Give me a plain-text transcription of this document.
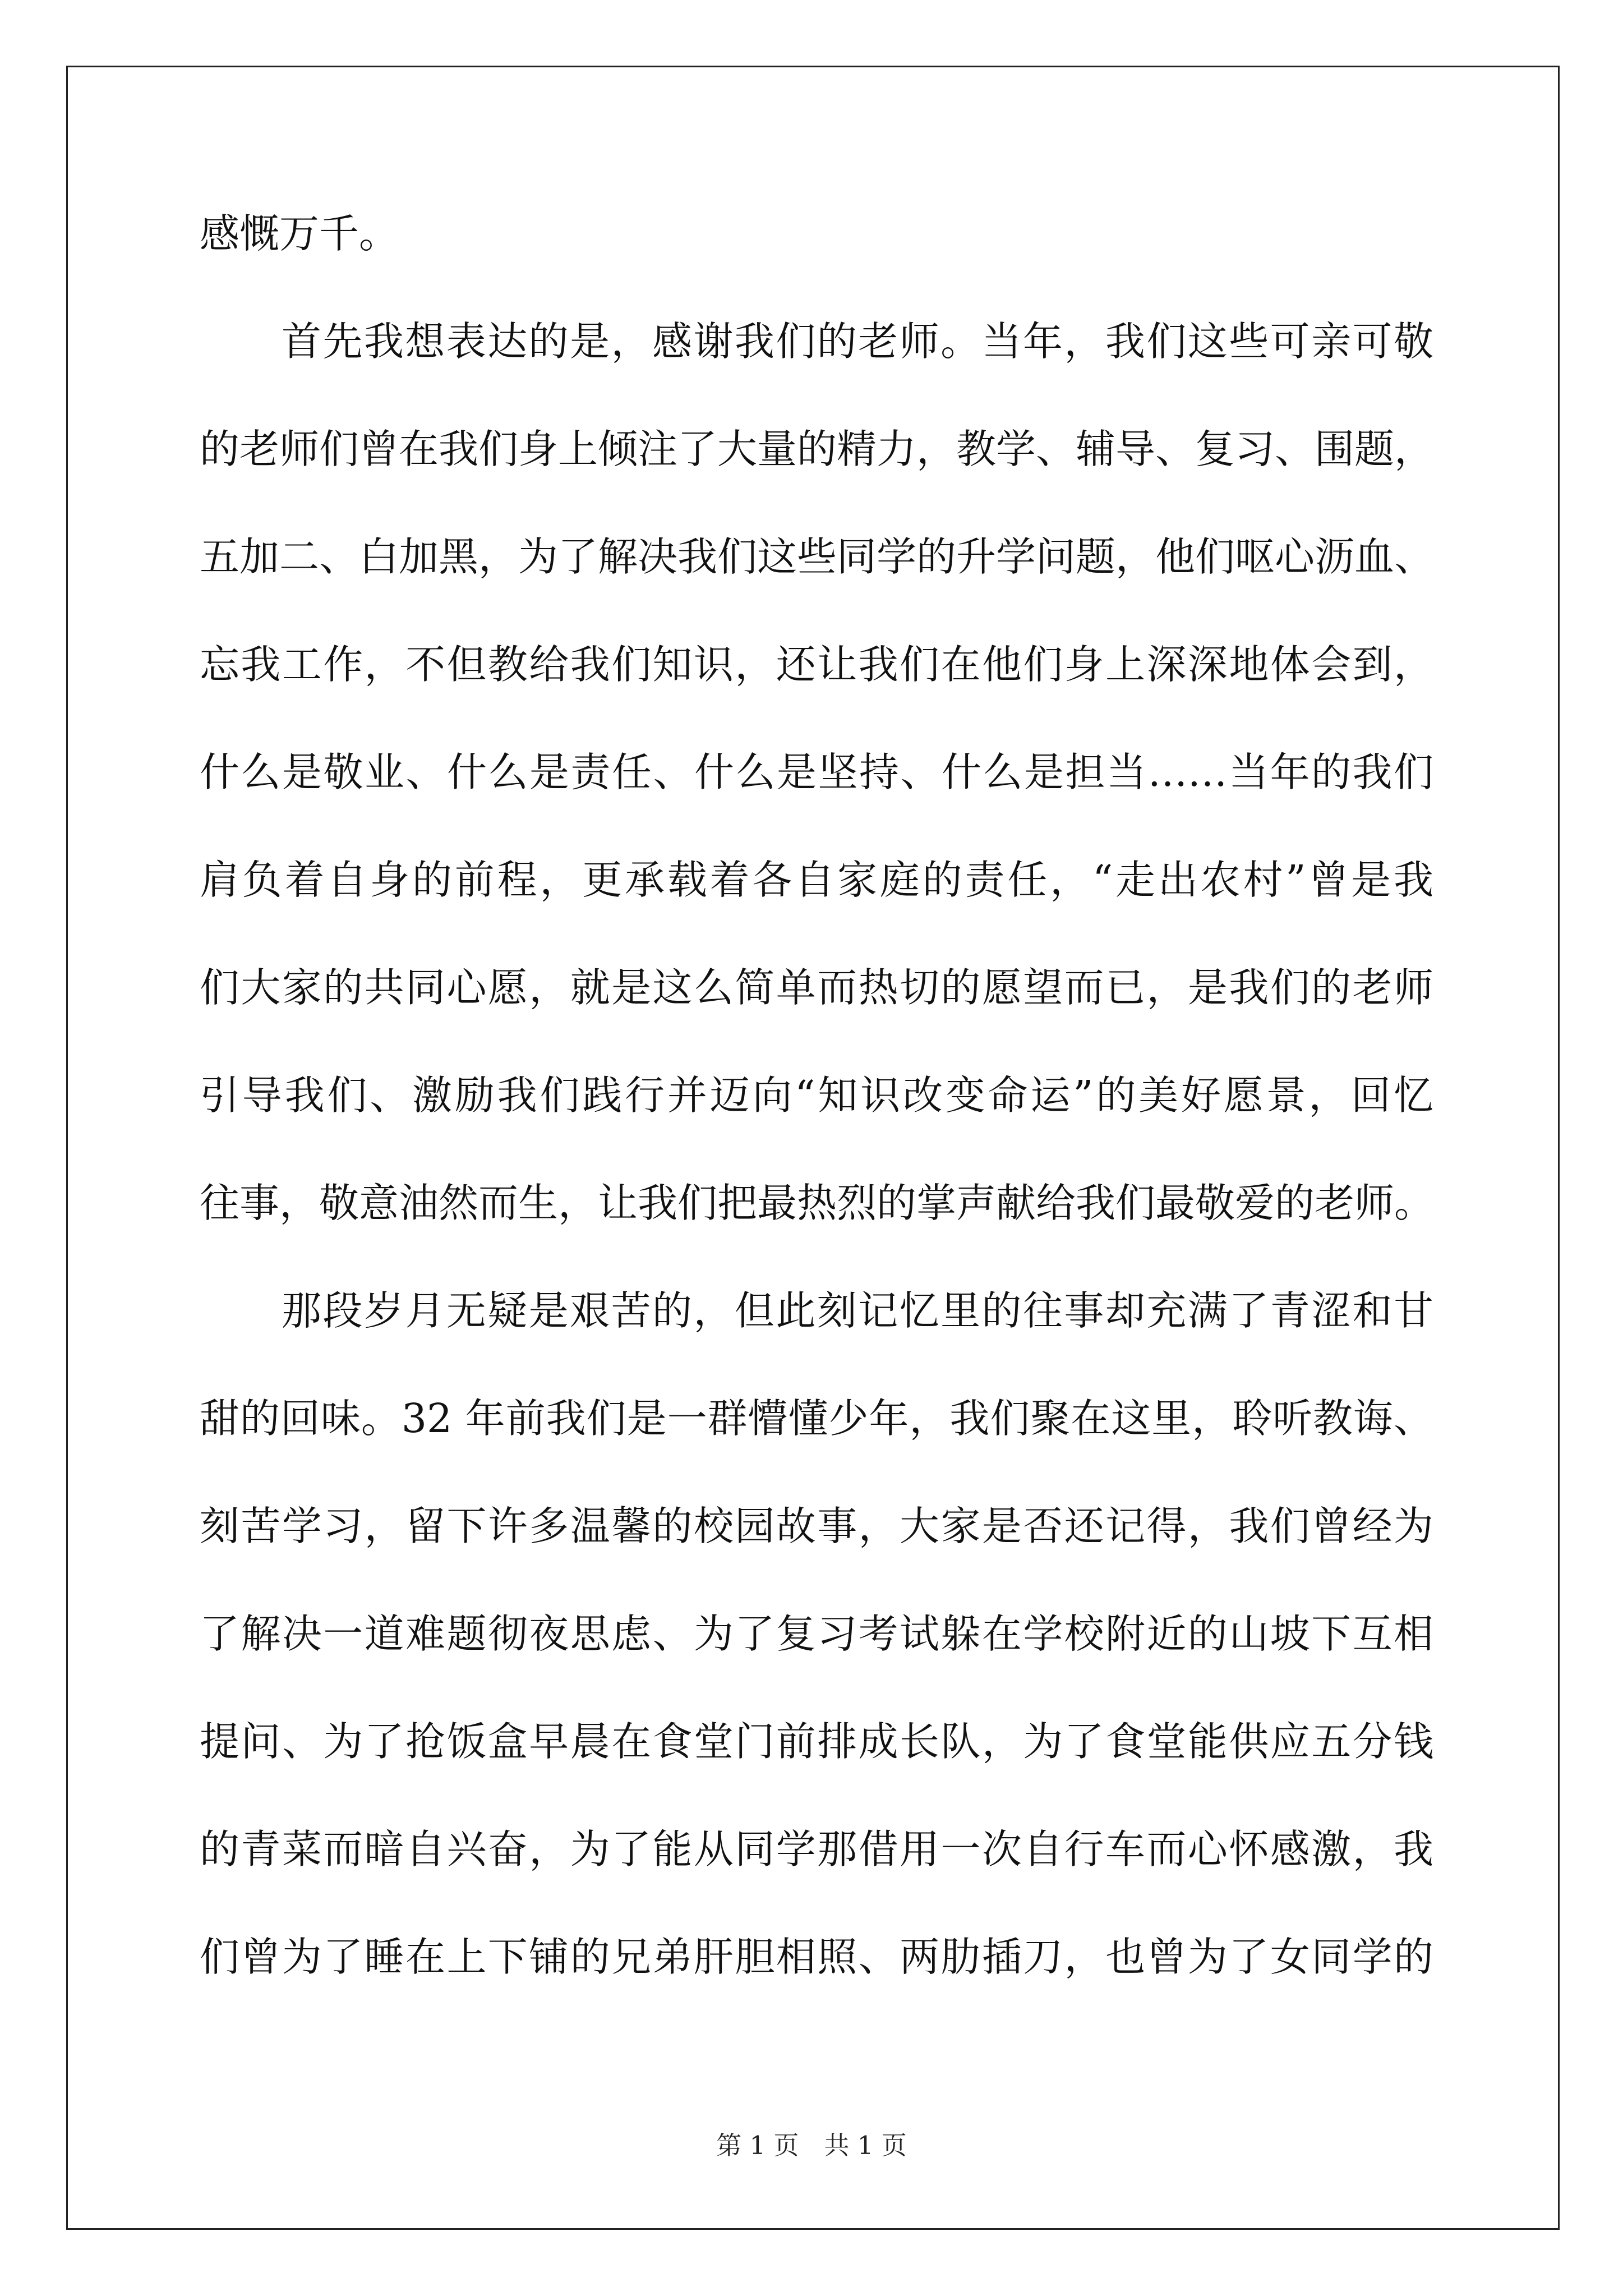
感慨万千。
首先我想表达的是，感谢我们的老师。当年，我们这些可亲可敬
的老师们曾在我们身上倾注了大量的精力，教学、辅导、复习、围题，
五加二、白加黑，为了解决我们这些同学的升学问题，他们呕心沥血、
忘我工作，不但教给我们知识，还让我们在他们身上深深地体会到，
什么是敬业、什么是责任、什么是坚持、什么是担当……当年的我们
肩负着自身的前程，更承载着各自家庭的责任，“走出农村”曾是我
们大家的共同心愿，就是这么简单而热切的愿望而已，是我们的老师
引导我们、激励我们践行并迈向“知识改变命运”的美好愿景，回忆
往事，敬意油然而生，让我们把最热烈的掌声献给我们最敬爱的老师。
那段岁月无疑是艰苦的，但此刻记忆里的往事却充满了青涩和甘
甜的回味。32 年前我们是一群懵懂少年，我们聚在这里，聆听教诲、
刻苦学习，留下许多温馨的校园故事，大家是否还记得，我们曾经为
了解决一道难题彻夜思虑、为了复习考试躲在学校附近的山坡下互相
提问、为了抢饭盒早晨在食堂门前排成长队，为了食堂能供应五分钱
的青菜而暗自兴奋，为了能从同学那借用一次自行车而心怀感激，我
们曾为了睡在上下铺的兄弟肝胆相照、两肋插刀，也曾为了女同学的
第 1 页　共 1 页
